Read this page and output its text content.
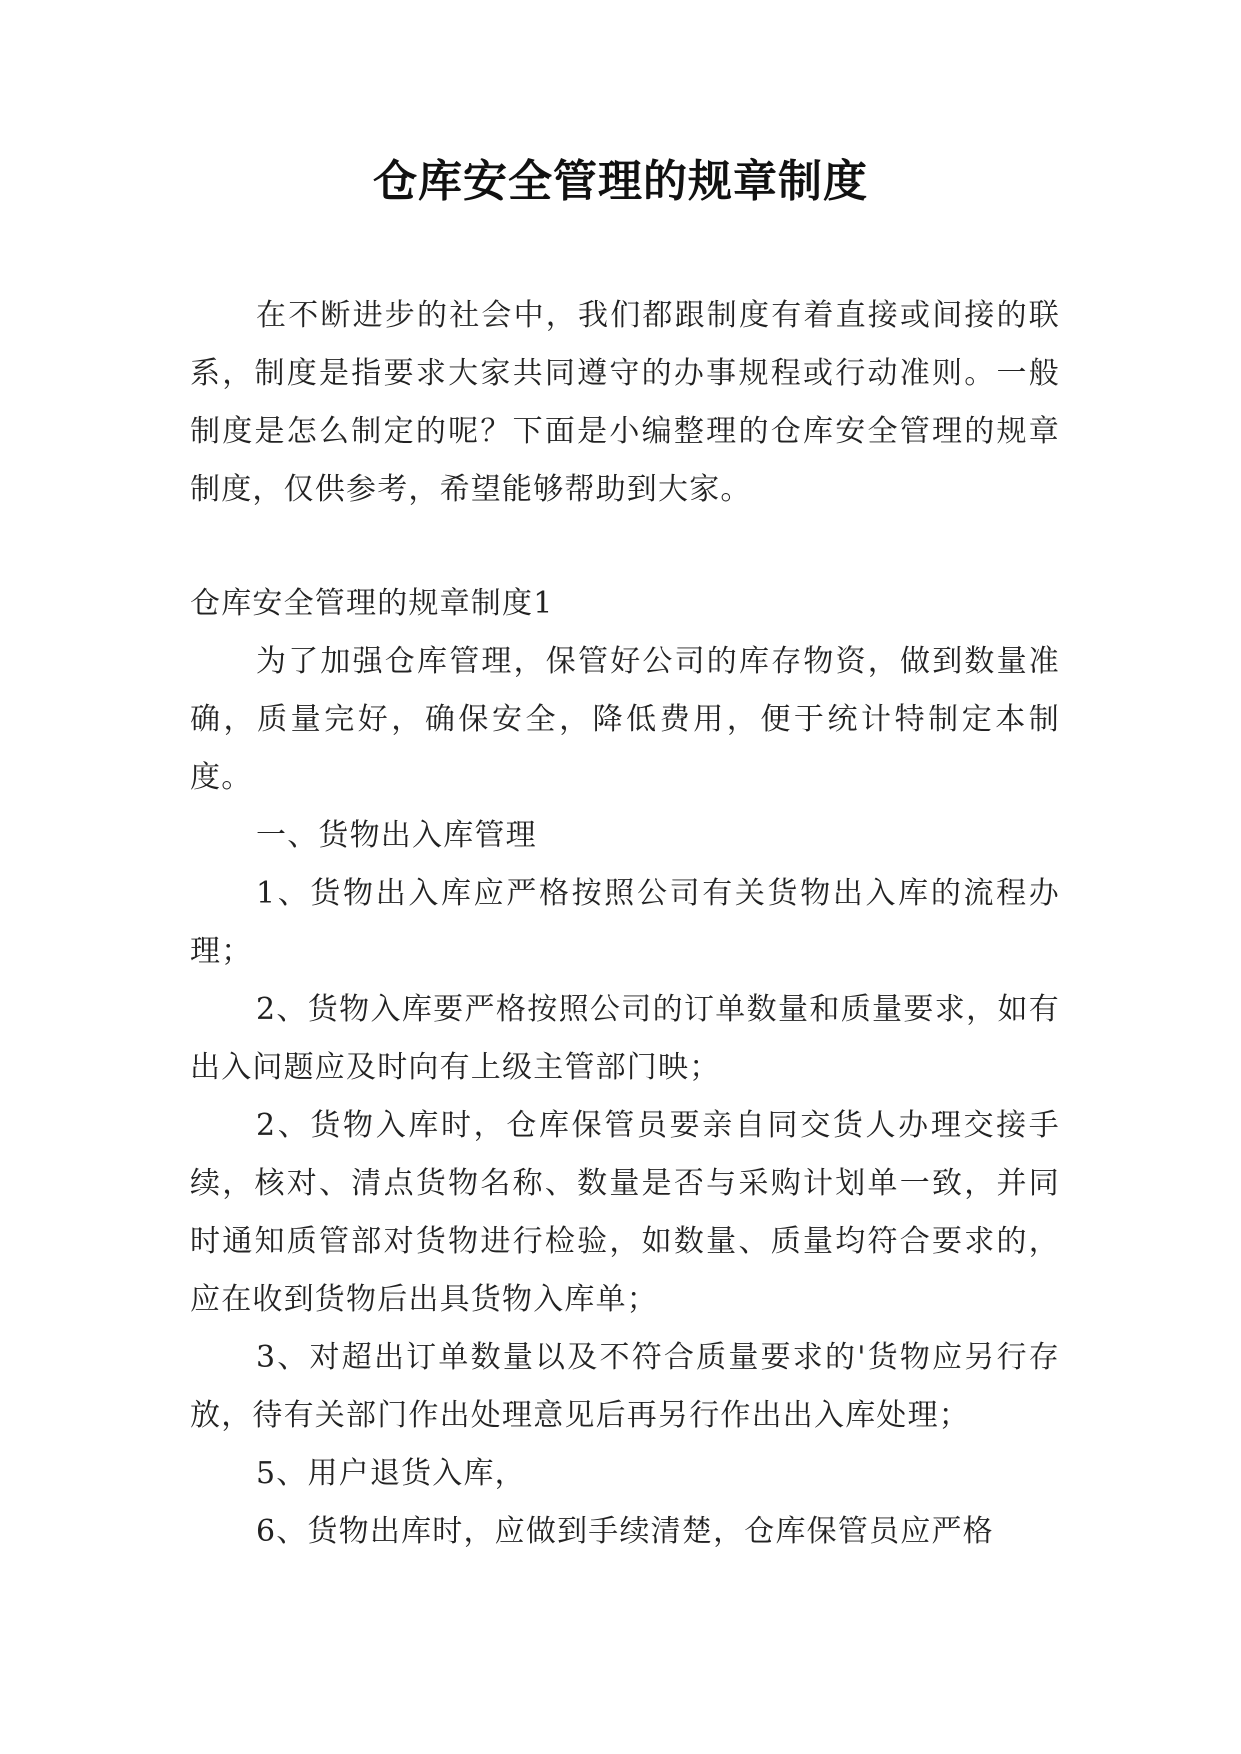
仓库安全管理的规章制度

在不断进步的社会中，我们都跟制度有着直接或间接的联系，制度是指要求大家共同遵守的办事规程或行动准则。一般制度是怎么制定的呢？下面是小编整理的仓库安全管理的规章制度，仅供参考，希望能够帮助到大家。

仓库安全管理的规章制度1

为了加强仓库管理，保管好公司的库存物资，做到数量准确，质量完好，确保安全，降低费用，便于统计特制定本制度。

一、货物出入库管理

1、货物出入库应严格按照公司有关货物出入库的流程办理；

2、货物入库要严格按照公司的订单数量和质量要求，如有出入问题应及时向有上级主管部门映；

2、货物入库时，仓库保管员要亲自同交货人办理交接手续，核对、清点货物名称、数量是否与采购计划单一致，并同时通知质管部对货物进行检验，如数量、质量均符合要求的，应在收到货物后出具货物入库单；

3、对超出订单数量以及不符合质量要求的'货物应另行存放，待有关部门作出处理意见后再另行作出出入库处理；

5、用户退货入库，

6、货物出库时，应做到手续清楚，仓库保管员应严格
